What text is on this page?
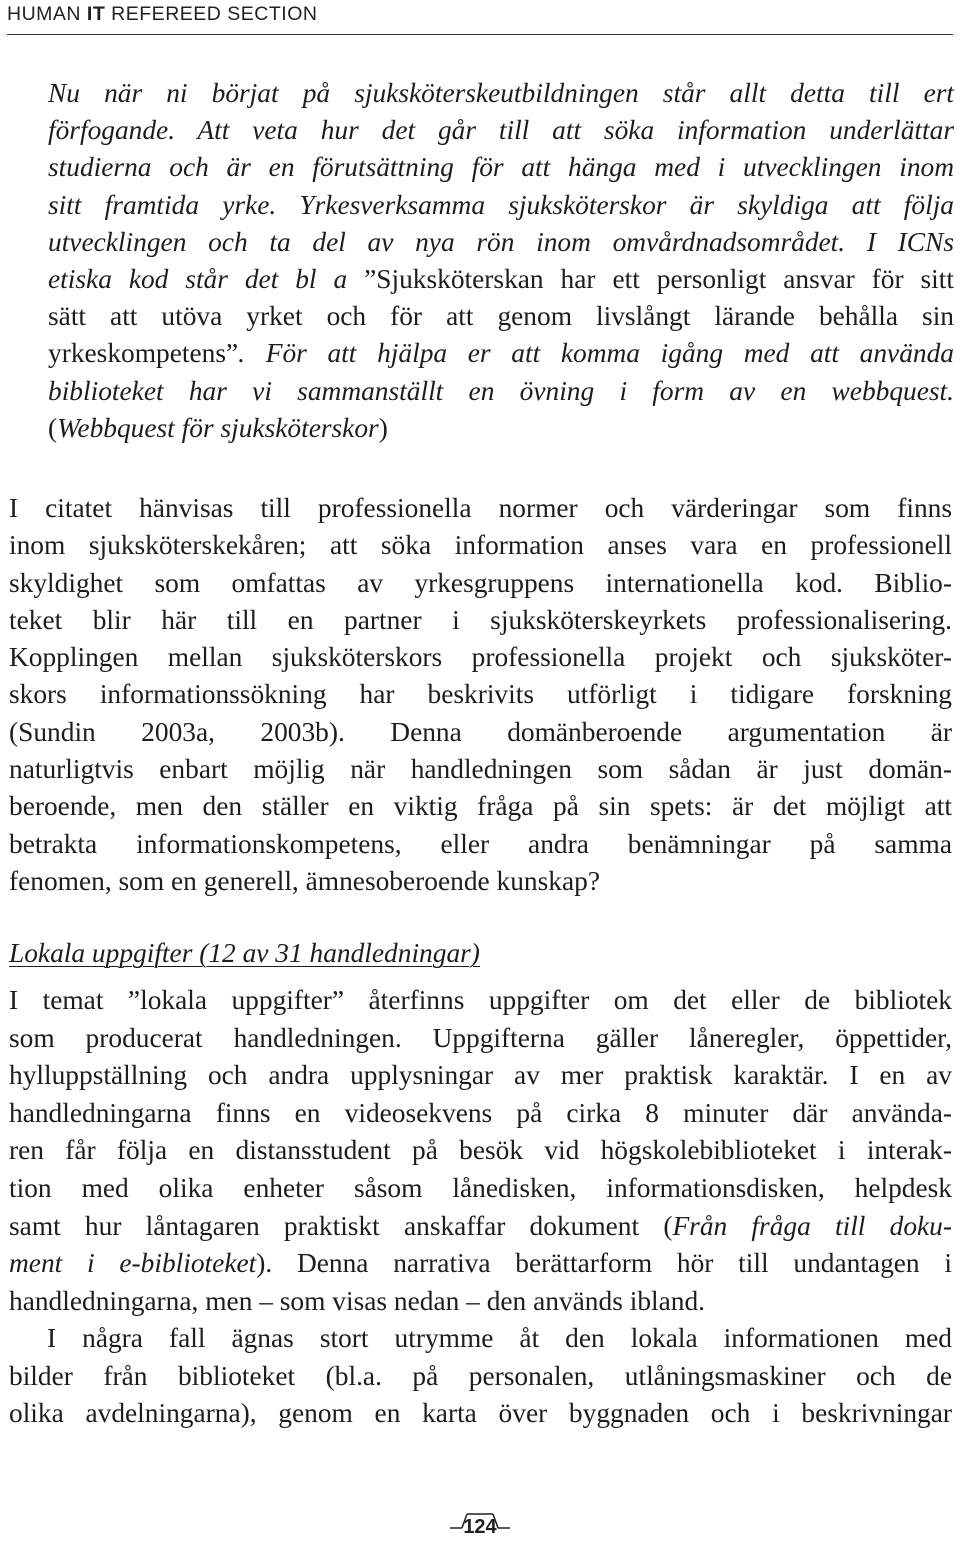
HUMAN IT REFEREED SECTION
Nu när ni börjat på sjuksköterskeutbildningen står allt detta till ert
förfogande. Att veta hur det går till att söka information underlättar
studierna och är en förutsättning för att hänga med i utvecklingen inom
sitt framtida yrke. Yrkesverksamma sjuksköterskor är skyldiga att följa
utvecklingen och ta del av nya rön inom omvårdnadsområdet. I ICNs
etiska kod står det bl a ”Sjuksköterskan har ett personligt ansvar för sitt
sätt att utöva yrket och för att genom livslångt lärande behålla sin
yrkeskompetens”. För att hjälpa er att komma igång med att använda
biblioteket har vi sammanställt en övning i form av en webbquest.
(Webbquest för sjuksköterskor)
I citatet hänvisas till professionella normer och värderingar som finns
inom sjuksköterskekåren; att söka information anses vara en professionell
skyldighet som omfattas av yrkesgruppens internationella kod. Biblio-
teket blir här till en partner i sjuksköterskeyrkets professionalisering.
Kopplingen mellan sjuksköterskors professionella projekt och sjuksköter-
skors informationssökning har beskrivits utförligt i tidigare forskning
(Sundin 2003a, 2003b). Denna domänberoende argumentation är
naturligtvis enbart möjlig när handledningen som sådan är just domän-
beroende, men den ställer en viktig fråga på sin spets: är det möjligt att
betrakta informationskompetens, eller andra benämningar på samma
fenomen, som en generell, ämnesoberoende kunskap?
Lokala uppgifter (12 av 31 handledningar)
I temat ”lokala uppgifter” återfinns uppgifter om det eller de bibliotek
som producerat handledningen. Uppgifterna gäller låneregler, öppettider,
hylluppställning och andra upplysningar av mer praktisk karaktär. I en av
handledningarna finns en videosekvens på cirka 8 minuter där använda-
ren får följa en distansstudent på besök vid högskolebiblioteket i interak-
tion med olika enheter såsom lånedisken, informationsdisken, helpdesk
samt hur låntagaren praktiskt anskaffar dokument (Från fråga till doku-
ment i e-biblioteket). Denna narrativa berättarform hör till undantagen i
handledningarna, men – som visas nedan – den används ibland.
I några fall ägnas stort utrymme åt den lokala informationen med
bilder från biblioteket (bl.a. på personalen, utlåningsmaskiner och de
olika avdelningarna), genom en karta över byggnaden och i beskrivningar
124
